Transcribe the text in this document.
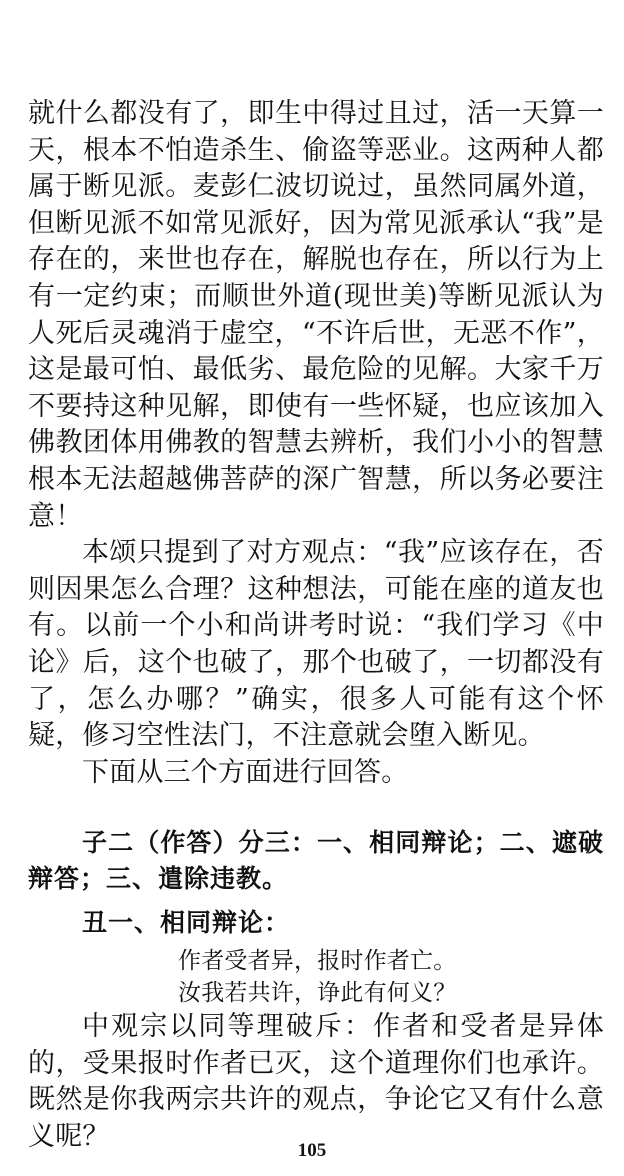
就什么都没有了，即生中得过且过，活一天算一天，根本不怕造杀生、偷盗等恶业。这两种人都属于断见派。麦彭仁波切说过，虽然同属外道，但断见派不如常见派好，因为常见派承认“我”是存在的，来世也存在，解脱也存在，所以行为上有一定约束；而顺世外道(现世美)等断见派认为人死后灵魂消于虚空，“不许后世，无恶不作”，这是最可怕、最低劣、最危险的见解。大家千万不要持这种见解，即使有一些怀疑，也应该加入佛教团体用佛教的智慧去辨析，我们小小的智慧根本无法超越佛菩萨的深广智慧，所以务必要注意！

本颂只提到了对方观点：“我”应该存在，否则因果怎么合理？这种想法，可能在座的道友也有。以前一个小和尚讲考时说：“我们学习《中论》后，这个也破了，那个也破了，一切都没有了，怎么办哪？”确实，很多人可能有这个怀疑，修习空性法门，不注意就会堕入断见。

下面从三个方面进行回答。

子二（作答）分三：一、相同辩论；二、遮破辩答；三、遣除违教。

丑一、相同辩论：

作者受者异，报时作者亡。
汝我若共许，诤此有何义？

中观宗以同等理破斥：作者和受者是异体的，受果报时作者已灭，这个道理你们也承许。既然是你我两宗共许的观点，争论它又有什么意义呢？	105
